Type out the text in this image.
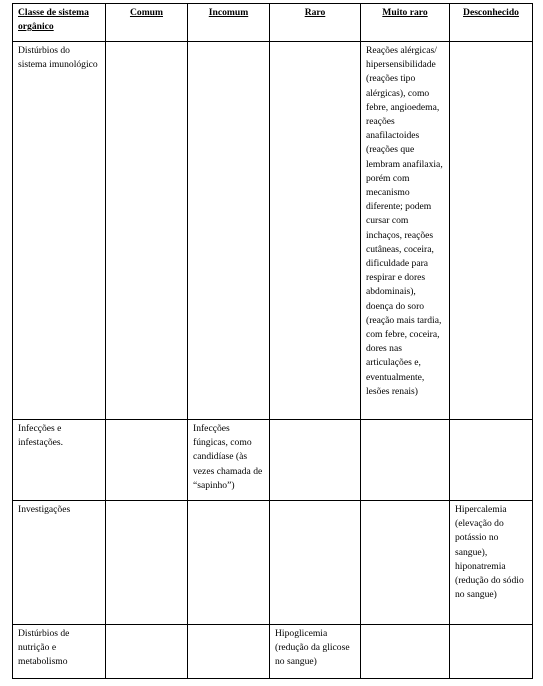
Classe de sistema orgânico	Comum	Incomum	Raro	Muito raro	Desconhecido
Distúrbios do sistema imunológico				Reações alérgicas/ hipersensibilidade (reações tipo alérgicas), como febre, angioedema, reações anafilactoides (reações que lembram anafilaxia, porém com mecanismo diferente; podem cursar com inchaços, reações cutâneas, coceira, dificuldade para respirar e dores abdominais), doença do soro (reação mais tardia, com febre, coceira, dores nas articulações e, eventualmente, lesões renais)	
Infecções e infestações.		Infecções fúngicas, como candidíase (às vezes chamada de “sapinho”)			
Investigações					Hipercalemia (elevação do potássio no sangue), hiponatremia (redução do sódio no sangue)
Distúrbios de nutrição e metabolismo			Hipoglicemia (redução da glicose no sangue)		
